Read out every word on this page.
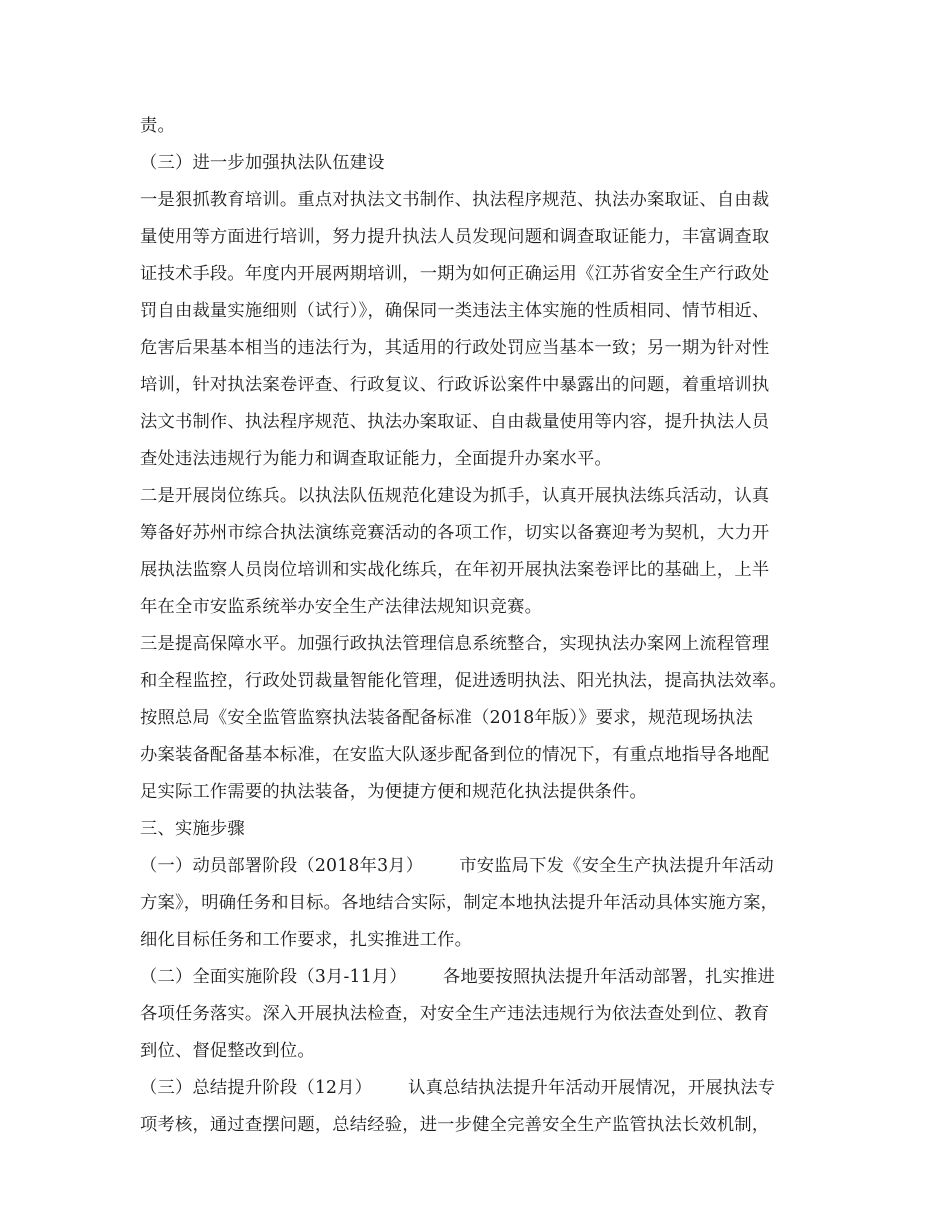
责。
（三）进一步加强执法队伍建设
一是狠抓教育培训。重点对执法文书制作、执法程序规范、执法办案取证、自由裁
量使用等方面进行培训，努力提升执法人员发现问题和调查取证能力，丰富调查取
证技术手段。年度内开展两期培训，一期为如何正确运用《江苏省安全生产行政处
罚自由裁量实施细则（试行）》，确保同一类违法主体实施的性质相同、情节相近、
危害后果基本相当的违法行为，其适用的行政处罚应当基本一致；另一期为针对性
培训，针对执法案卷评查、行政复议、行政诉讼案件中暴露出的问题，着重培训执
法文书制作、执法程序规范、执法办案取证、自由裁量使用等内容，提升执法人员
查处违法违规行为能力和调查取证能力，全面提升办案水平。
二是开展岗位练兵。以执法队伍规范化建设为抓手，认真开展执法练兵活动，认真
筹备好苏州市综合执法演练竞赛活动的各项工作，切实以备赛迎考为契机，大力开
展执法监察人员岗位培训和实战化练兵，在年初开展执法案卷评比的基础上，上半
年在全市安监系统举办安全生产法律法规知识竞赛。
三是提高保障水平。加强行政执法管理信息系统整合，实现执法办案网上流程管理
和全程监控，行政处罚裁量智能化管理，促进透明执法、阳光执法，提高执法效率。
按照总局《安全监管监察执法装备配备标准（2018年版）》要求，规范现场执法
办案装备配备基本标准，在安监大队逐步配备到位的情况下，有重点地指导各地配
足实际工作需要的执法装备，为便捷方便和规范化执法提供条件。
三、实施步骤
（一）动员部署阶段（2018年3月） 市安监局下发《安全生产执法提升年活动
方案》，明确任务和目标。各地结合实际，制定本地执法提升年活动具体实施方案，
细化目标任务和工作要求，扎实推进工作。
（二）全面实施阶段（3月-11月） 各地要按照执法提升年活动部署，扎实推进
各项任务落实。深入开展执法检查，对安全生产违法违规行为依法查处到位、教育
到位、督促整改到位。
（三）总结提升阶段（12月） 认真总结执法提升年活动开展情况，开展执法专
项考核，通过查摆问题，总结经验，进一步健全完善安全生产监管执法长效机制，
